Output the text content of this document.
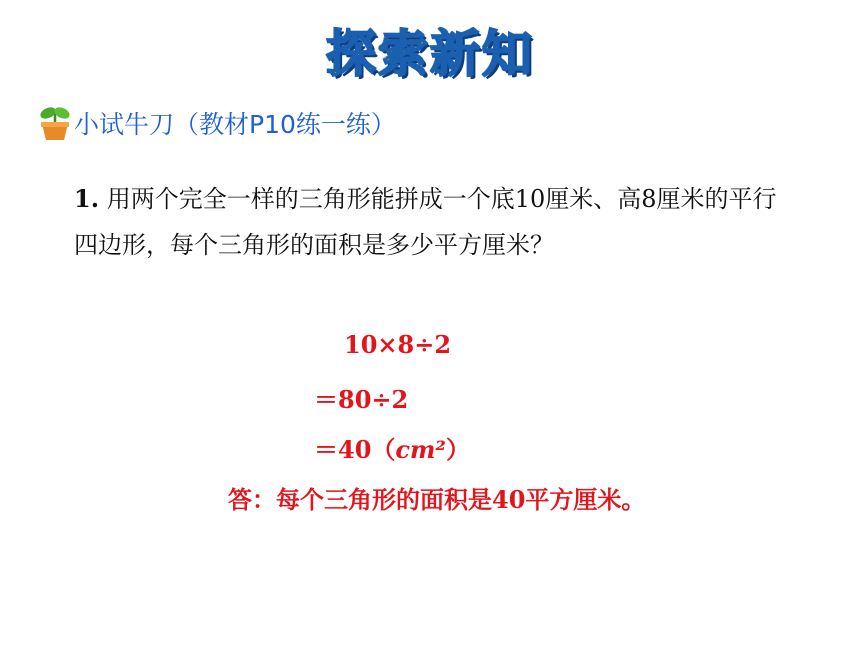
探索新知
小试牛刀（教材P10练一练）
1. 用两个完全一样的三角形能拼成一个底10厘米、高8厘米的平行四边形，每个三角形的面积是多少平方厘米？
10×8÷2
＝80÷2
＝40（cm²）
答：每个三角形的面积是40平方厘米。
